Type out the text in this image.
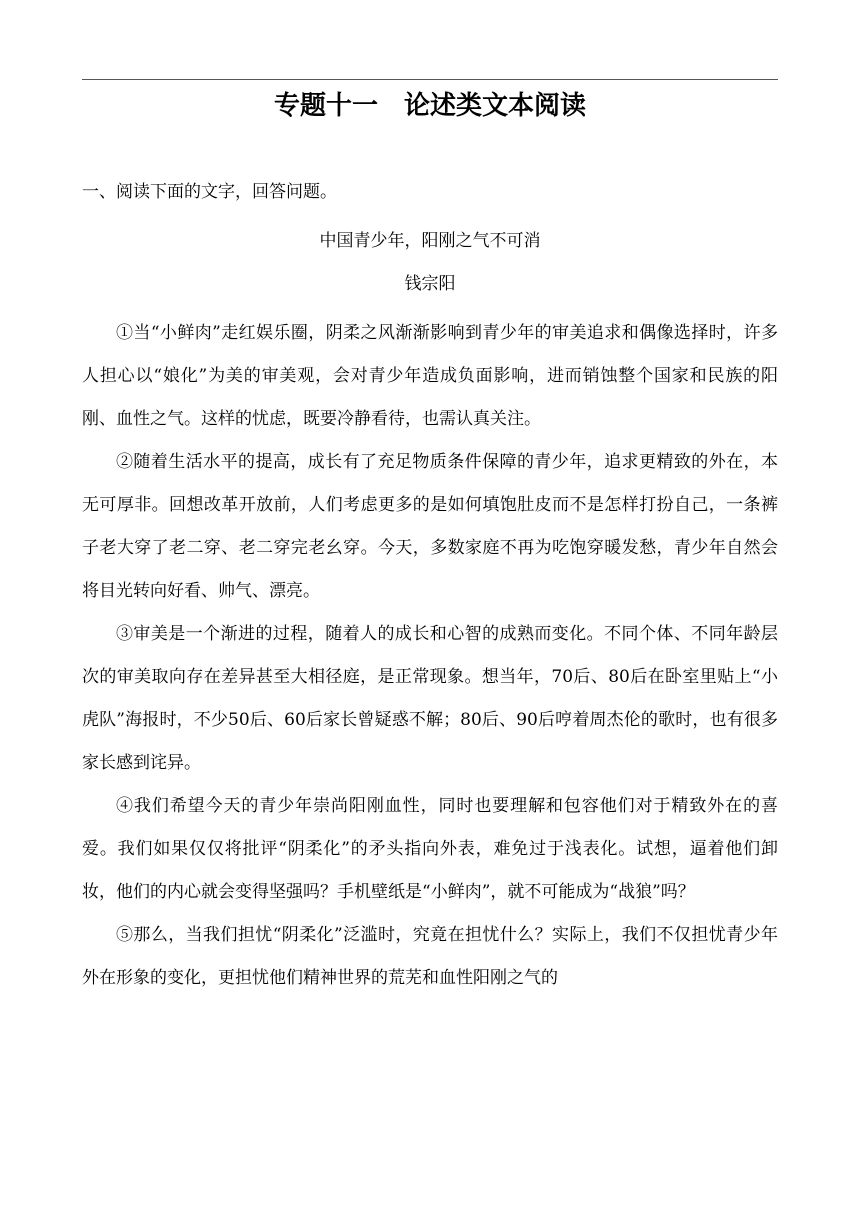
专题十一　论述类文本阅读
一、阅读下面的文字，回答问题。
中国青少年，阳刚之气不可消
钱宗阳

①当“小鲜肉”走红娱乐圈，阴柔之风渐渐影响到青少年的审美追求和偶像选择时，许多人担心以“娘化”为美的审美观，会对青少年造成负面影响，进而销蚀整个国家和民族的阳刚、血性之气。这样的忧虑，既要冷静看待，也需认真关注。

②随着生活水平的提高，成长有了充足物质条件保障的青少年，追求更精致的外在，本无可厚非。回想改革开放前，人们考虑更多的是如何填饱肚皮而不是怎样打扮自己，一条裤子老大穿了老二穿、老二穿完老幺穿。今天，多数家庭不再为吃饱穿暖发愁，青少年自然会将目光转向好看、帅气、漂亮。

③审美是一个渐进的过程，随着人的成长和心智的成熟而变化。不同个体、不同年龄层次的审美取向存在差异甚至大相径庭，是正常现象。想当年，70后、80后在卧室里贴上“小虎队”海报时，不少50后、60后家长曾疑惑不解；80后、90后哼着周杰伦的歌时，也有很多家长感到诧异。

④我们希望今天的青少年崇尚阳刚血性，同时也要理解和包容他们对于精致外在的喜爱。我们如果仅仅将批评“阴柔化”的矛头指向外表，难免过于浅表化。试想，逼着他们卸妆，他们的内心就会变得坚强吗？手机壁纸是“小鲜肉”，就不可能成为“战狼”吗？

⑤那么，当我们担忧“阴柔化”泛滥时，究竟在担忧什么？实际上，我们不仅担忧青少年外在形象的变化，更担忧他们精神世界的荒芜和血性阳刚之气的
